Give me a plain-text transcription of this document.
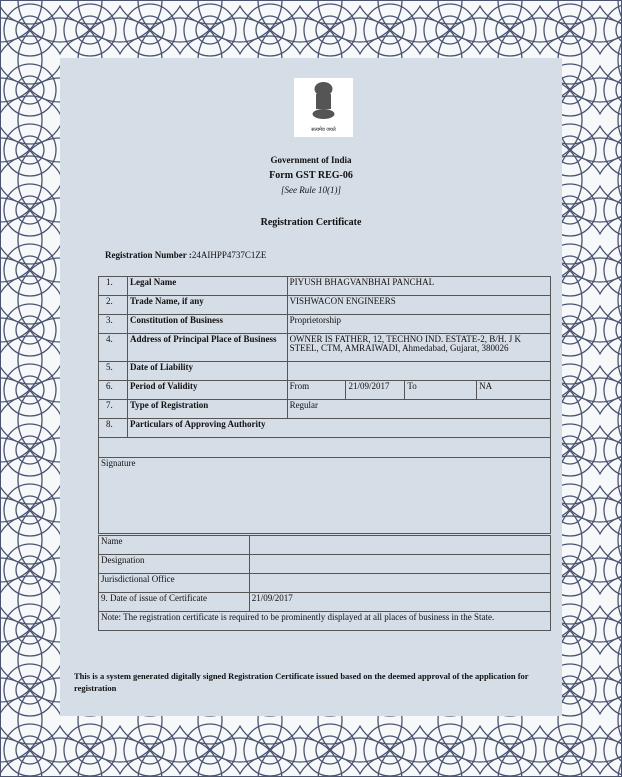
सत्यमेव जयते
Government of India
Form GST REG-06
[See Rule 10(1)]
Registration Certificate
Registration Number :24AIHPP4737C1ZE
1.	Legal Name	PIYUSH BHAGVANBHAI PANCHAL			
2.	Trade Name, if any	VISHWACON ENGINEERS			
3.	Constitution of Business	Proprietorship			
4.	Address of Principal Place of Business	OWNER IS FATHER, 12, TECHNO IND. ESTATE-2, B/H. J K STEEL, CTM, AMRAIWADI, Ahmedabad, Gujarat, 380026			
5.	Date of Liability				
6.	Period of Validity	From	21/09/2017	To	NA
7.	Type of Registration	Regular			
8.	Particulars of Approving Authority				

Signature					
Name	
Designation	
Jurisdictional Office	
9. Date of issue of Certificate	21/09/2017
Note: The registration certificate is required to be prominently displayed at all places of business in the State.	
This is a system generated digitally signed Registration Certificate issued based on the deemed approval of the application for registration
